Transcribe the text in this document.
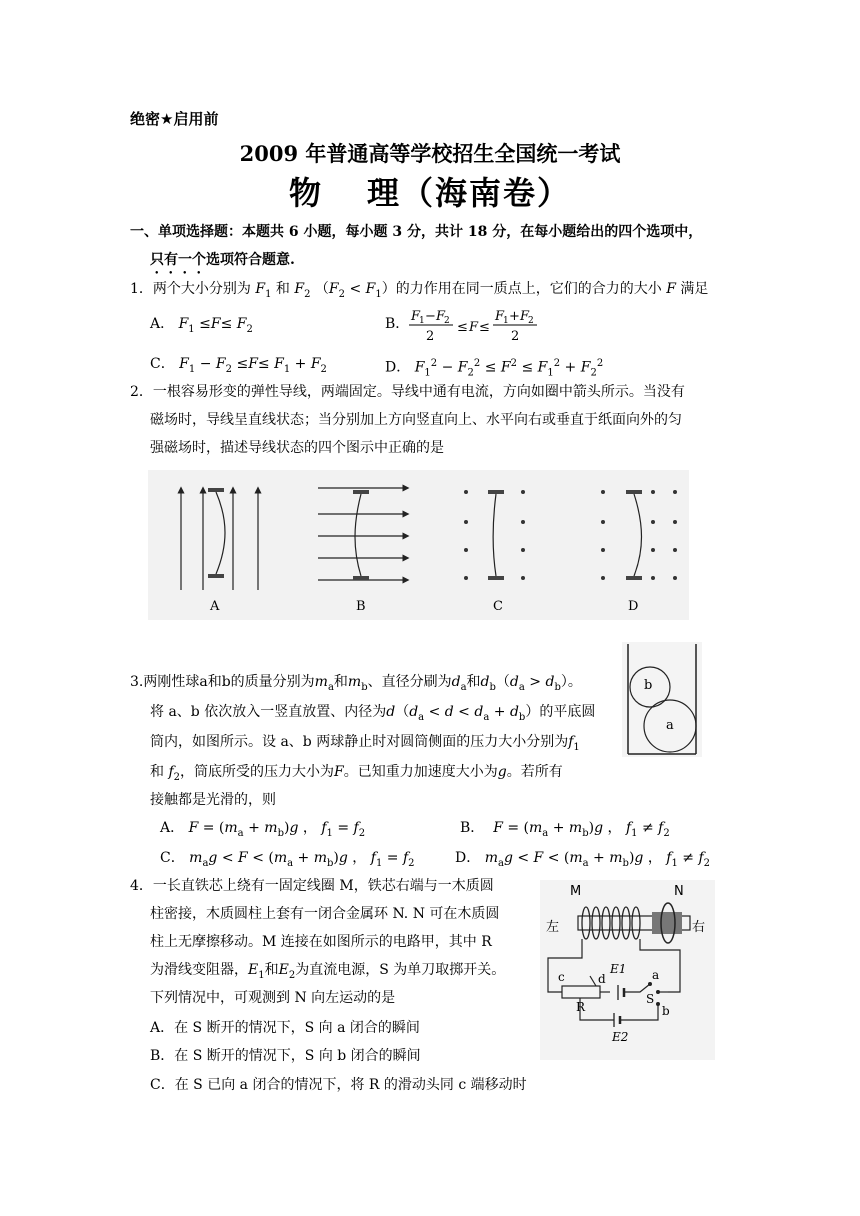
绝密★启用前
2009 年普通高等学校招生全国统一考试
物 理（海南卷）
一、单项选择题：本题共 6 小题，每小题 3 分，共计 18 分，在每小题给出的四个选项中，
只有一个选项符合题意.
1．两个大小分别为 $F_1$ 和 $F_2$ $(F_2 < F_1)$的力作用在同一质点上，它们的合力的大小 F 满足
A． $F_1 \le F\le F_2$	B． F
1 − F
2
2
≤ F ≤
F
1 + F
2
2
C． $F_1 - F_2 \le F\le F_1 + F_2$	D． $F_1^2 - F_2^2 \le F^2 \le F_1^2 + F_2^2$
2．一根容易形变的弹性导线，两端固定。导线中通有电流，方向如圈中箭头所示。当没有
磁场时，导线呈直线状态；当分别加上方向竖直向上、水平向右或垂直于纸面向外的匀
强磁场时，描述导线状态的四个图示中正确的是
A	B	C	D
3.两刚性球a和b的质量分别为$m_a$和$m_b$、直径分刷为$d_a$和$d_b(d_a > d_b)$。
将 a、b 依次放入一竖直放置、内径为$d(d_a < d < d_a + d_b)$的平底圆
筒内，如图所示。设 a、b 两球静止时对圆筒侧面的压力大小分别为$f_1$
和 $f_2$，筒底所受的压力大小为F。已知重力加速度大小为g。若所有
接触都是光滑的，则
A． $F = (m_a + m_b)g$ ， $f_1 = f_2$	B． $F = (m_a + m_b)g$ ， $f_1 \ne f_2$
C． $m_ag < F < (m_a + m_b)g$ ， $f_1 = f_2$	D． $m_ag < F < (m_a + m_b)g$ ， $f_1 \ne f_2$
b
a
4．一长直铁芯上绕有一固定线圈 M，铁芯右端与一木质圆
柱密接，木质圆柱上套有一闭合金属环 N. N 可在木质圆
柱上无摩擦移动。M 连接在如图所示的电路甲，其中 R
为滑线变阻器，$E_1$和$E_2$为直流电源，S 为单刀取掷开关。
下列情况中，可观测到 N 向左运动的是
A．在 S 断开的情况下，S 向 a 闭合的瞬间
B．在 S 断开的情况下，S 向 b 闭合的瞬间
C．在 S 已向 a 闭合的情况下，将 R 的滑动头同 c 端移动时
M	N
左	右
E1
E2
S
a
b
c	d
R
